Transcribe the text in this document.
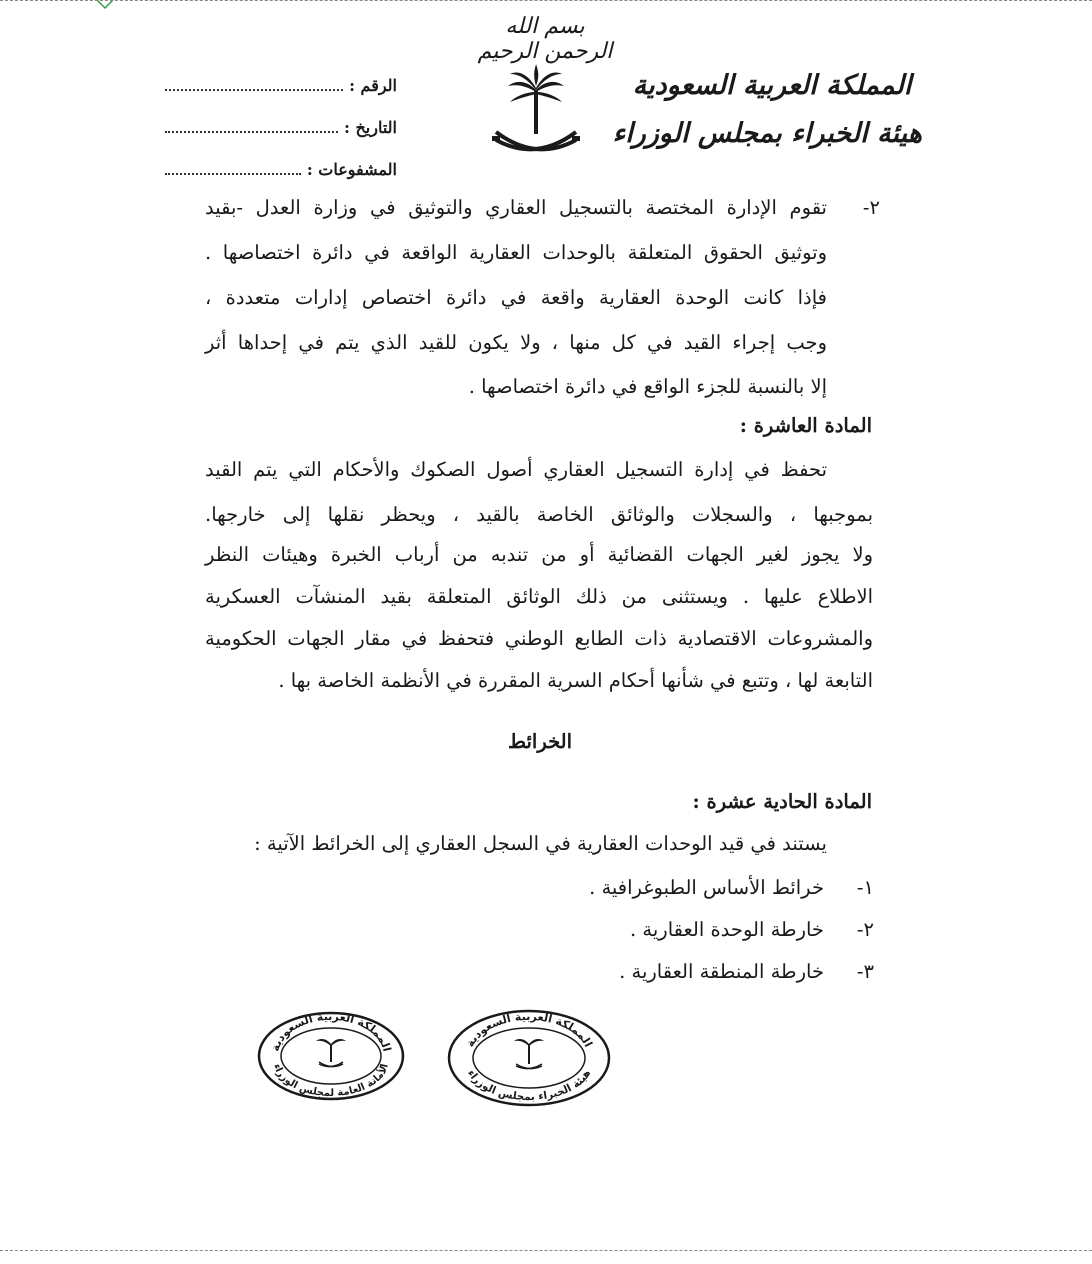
بسم الله الرحمن الرحيم
المملكة العربية السعودية
هيئة الخبراء بمجلس الوزراء
الرقم :
التاريخ :
المشفوعات :
٢-
تقوم الإدارة المختصة بالتسجيل العقاري والتوثيق في وزارة العدل -بقيد
وتوثيق الحقوق المتعلقة بالوحدات العقارية الواقعة في دائرة اختصاصها .
فإذا كانت الوحدة العقارية واقعة في دائرة اختصاص إدارات متعددة ،
وجب إجراء القيد في كل منها ، ولا يكون للقيد الذي يتم في إحداها أثر
إلا بالنسبة للجزء الواقع في دائرة اختصاصها .
المادة العاشرة :
تحفظ في إدارة التسجيل العقاري أصول الصكوك والأحكام التي يتم القيد
بموجبها ، والسجلات والوثائق الخاصة بالقيد ، ويحظر نقلها إلى خارجها.
ولا يجوز لغير الجهات القضائية أو من تندبه من أرباب الخبرة وهيئات النظر
الاطلاع عليها . ويستثنى من ذلك الوثائق المتعلقة بقيد المنشآت العسكرية
والمشروعات الاقتصادية ذات الطابع الوطني فتحفظ في مقار الجهات الحكومية
التابعة لها ، وتتبع في شأنها أحكام السرية المقررة في الأنظمة الخاصة بها .
الخرائط
المادة الحادية عشرة :
يستند في قيد الوحدات العقارية في السجل العقاري إلى الخرائط الآتية :
١-
خرائط الأساس الطبوغرافية .
٢-
خارطة الوحدة العقارية .
٣-
خارطة المنطقة العقارية .
المملكة العربية السعودية
الأمانة العامة لمجلس الوزراء
المملكة العربية السعودية
هيئة الخبراء بمجلس الوزراء
